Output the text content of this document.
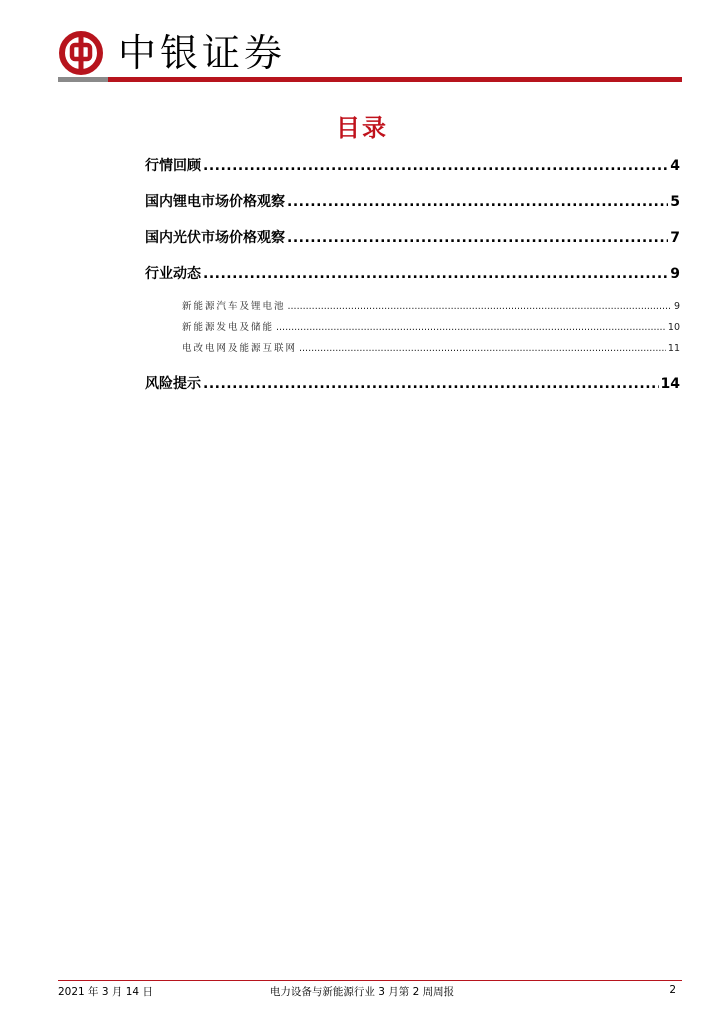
中银证券
目录
行情回顾 .....	4
国内锂电市场价格观察 .....	5
国内光伏市场价格观察 .....	7
行业动态 .....	9
新能源汽车及锂电池 .....	9
新能源发电及储能 .....	10
电改电网及能源互联网 .....	11
风险提示 .....	14
2021 年 3 月 14 日	电力设备与新能源行业 3 月第 2 周周报	2
